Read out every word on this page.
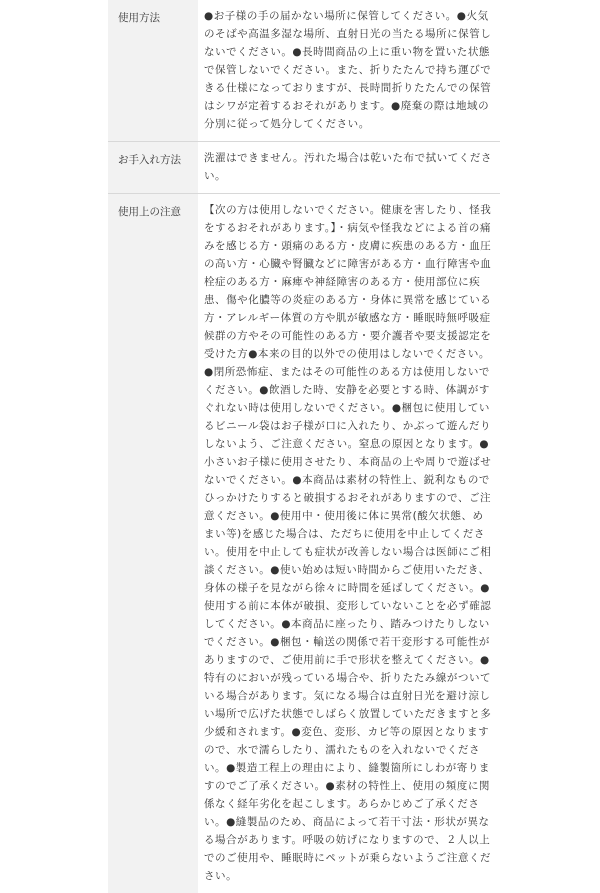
使用方法	●お子様の手の届かない場所に保管してください。●火気のそばや高温多湿な場所、直射日光の当たる場所に保管しないでください。●長時間商品の上に重い物を置いた状態で保管しないでください。また、折りたたんで持ち運びできる仕様になっておりますが、長時間折りたたんでの保管はシワが定着するおそれがあります。●廃棄の際は地域の分別に従って処分してください。

お手入れ方法	洗濯はできません。汚れた場合は乾いた布で拭いてください。

使用上の注意	【次の方は使用しないでください。健康を害したり、怪我をするおそれがあります。】・病気や怪我などによる首の痛みを感じる方・頭痛のある方・皮膚に疾患のある方・血圧の高い方・心臓や腎臓などに障害がある方・血行障害や血栓症のある方・麻痺や神経障害のある方・使用部位に疾患、傷や化膿等の炎症のある方・身体に異常を感じている方・アレルギー体質の方や肌が敏感な方・睡眠時無呼吸症候群の方やその可能性のある方・要介護者や要支援認定を受けた方●本来の目的以外での使用はしないでください。●閉所恐怖症、またはその可能性のある方は使用しないでください。●飲酒した時、安静を必要とする時、体調がすぐれない時は使用しないでください。●梱包に使用しているビニール袋はお子様が口に入れたり、かぶって遊んだりしないよう、ご注意ください。窒息の原因となります。●小さいお子様に使用させたり、本商品の上や周りで遊ばせないでください。●本商品は素材の特性上、鋭利なものでひっかけたりすると破損するおそれがありますので、ご注意ください。●使用中・使用後に体に異常(酸欠状態、めまい等)を感じた場合は、ただちに使用を中止してください。使用を中止しても症状が改善しない場合は医師にご相談ください。●使い始めは短い時間からご使用いただき、身体の様子を見ながら徐々に時間を延ばしてください。●使用する前に本体が破損、変形していないことを必ず確認してください。●本商品に座ったり、踏みつけたりしないでください。●梱包・輸送の関係で若干変形する可能性がありますので、ご使用前に手で形状を整えてください。●特有のにおいが残っている場合や、折りたたみ線がついている場合があります。気になる場合は直射日光を避け涼しい場所で広げた状態でしばらく放置していただきますと多少緩和されます。●変色、変形、カビ等の原因となりますので、水で濡らしたり、濡れたものを入れないでください。●製造工程上の理由により、縫製箇所にしわが寄りますのでご了承ください。●素材の特性上、使用の頻度に関係なく経年劣化を起こします。あらかじめご了承ください。●縫製品のため、商品によって若干寸法・形状が異なる場合があります。呼吸の妨げになりますので、２人以上でのご使用や、睡眠時にペットが乗らないようご注意ください。
